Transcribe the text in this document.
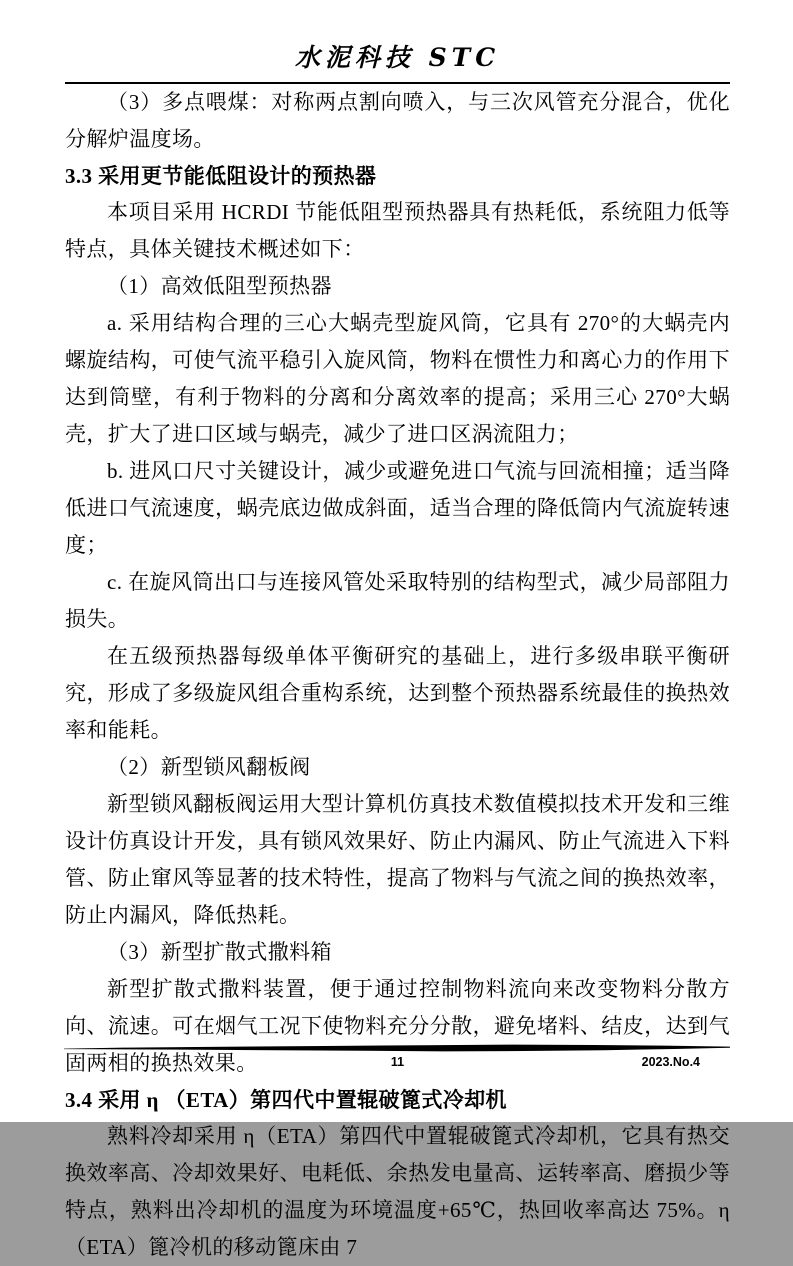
水泥科技 STC

（3）多点喂煤：对称两点割向喷入，与三次风管充分混合，优化分解炉温度场。

3.3 采用更节能低阻设计的预热器

本项目采用 HCRDI 节能低阻型预热器具有热耗低，系统阻力低等特点，具体关键技术概述如下：

（1）高效低阻型预热器

a. 采用结构合理的三心大蜗壳型旋风筒，它具有 270°的大蜗壳内螺旋结构，可使气流平稳引入旋风筒，物料在惯性力和离心力的作用下达到筒壁，有利于物料的分离和分离效率的提高；采用三心 270°大蜗壳，扩大了进口区域与蜗壳，减少了进口区涡流阻力；

b. 进风口尺寸关键设计，减少或避免进口气流与回流相撞；适当降低进口气流速度，蜗壳底边做成斜面，适当合理的降低筒内气流旋转速度；

c. 在旋风筒出口与连接风管处采取特别的结构型式，减少局部阻力损失。

在五级预热器每级单体平衡研究的基础上，进行多级串联平衡研究，形成了多级旋风组合重构系统，达到整个预热器系统最佳的换热效率和能耗。

（2）新型锁风翻板阀

新型锁风翻板阀运用大型计算机仿真技术数值模拟技术开发和三维设计仿真设计开发，具有锁风效果好、防止内漏风、防止气流进入下料管、防止窜风等显著的技术特性，提高了物料与气流之间的换热效率，防止内漏风，降低热耗。

（3）新型扩散式撒料箱

新型扩散式撒料装置，便于通过控制物料流向来改变物料分散方向、流速。可在烟气工况下使物料充分分散，避免堵料、结皮，达到气固两相的换热效果。

3.4 采用 η （ETA）第四代中置辊破篦式冷却机

熟料冷却采用 η（ETA）第四代中置辊破篦式冷却机，它具有热交换效率高、冷却效果好、电耗低、余热发电量高、运转率高、磨损少等特点，熟料出冷却机的温度为环境温度+65℃，热回收率高达 75%。η（ETA）篦冷机的移动篦床由 7

11	2023.No.4
